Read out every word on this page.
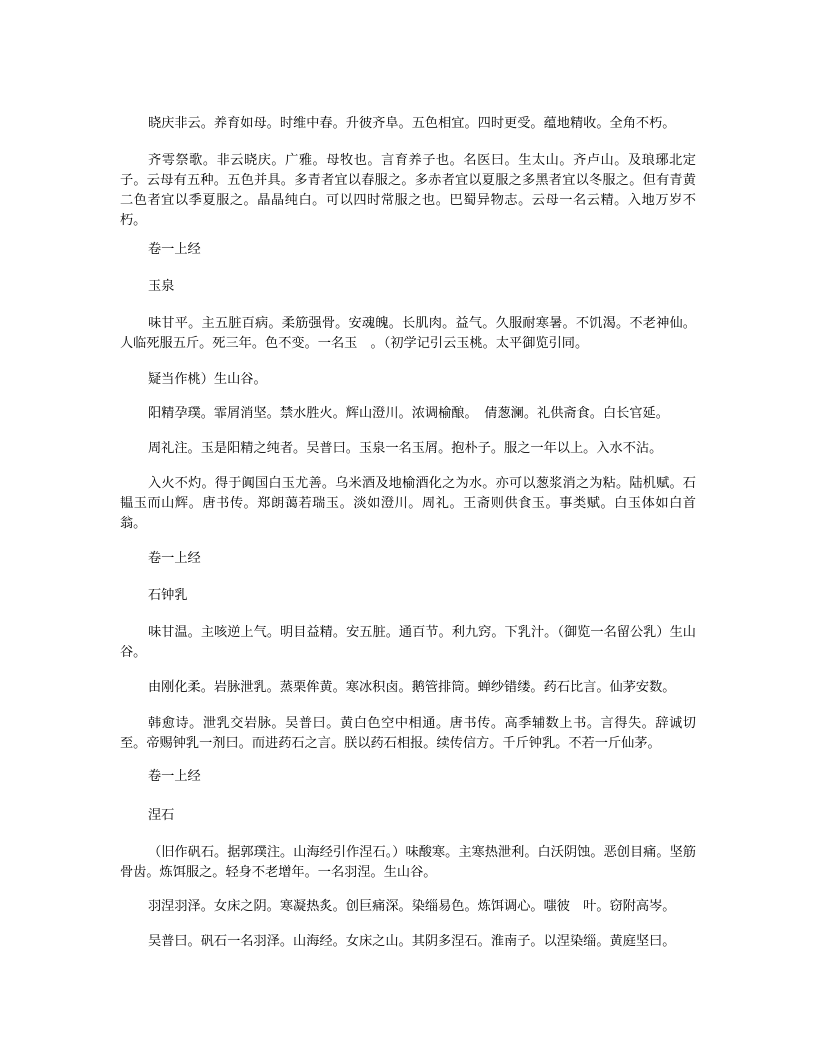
晓庆非云。养育如母。时维中春。升彼齐阜。五色相宜。四时更受。蕴地精收。全角不朽。

齐雩祭歌。非云晓庆。广雅。母牧也。言育养子也。名医曰。生太山。齐卢山。及琅琊北定子。云母有五种。五色并具。多青者宜以春服之。多赤者宜以夏服之多黑者宜以冬服之。但有青黄二色者宜以季夏服之。晶晶纯白。可以四时常服之也。巴蜀异物志。云母一名云精。入地万岁不朽。

卷一上经

玉泉

味甘平。主五脏百病。柔筋强骨。安魂魄。长肌肉。益气。久服耐寒暑。不饥渴。不老神仙。人临死服五斤。死三年。色不变。一名玉　。（初学记引云玉桃。太平御览引同。

疑当作桃）生山谷。

阳精孕璞。霏屑消坚。禁水胜火。辉山澄川。浓调榆酿。　倩葱澜。礼供斋食。白长官延。

周礼注。玉是阳精之纯者。吴普曰。玉泉一名玉屑。抱朴子。服之一年以上。入水不沾。

入火不灼。得于阗国白玉尤善。乌米酒及地榆酒化之为水。亦可以葱浆消之为粘。陆机赋。石韫玉而山辉。唐书传。郑朗蔼若瑞玉。淡如澄川。周礼。王斋则供食玉。事类赋。白玉体如白首翁。

卷一上经

石钟乳

味甘温。主咳逆上气。明目益精。安五脏。通百节。利九窍。下乳汁。（御览一名留公乳）生山谷。

由刚化柔。岩脉泄乳。蒸栗侔黄。寒冰积卤。鹅管排筒。蝉纱错缕。药石比言。仙茅安数。

韩愈诗。泄乳交岩脉。吴普曰。黄白色空中相通。唐书传。高季辅数上书。言得失。辞诚切至。帝赐钟乳一剂曰。而进药石之言。朕以药石相报。续传信方。千斤钟乳。不若一斤仙茅。

卷一上经

涅石

（旧作矾石。据郭璞注。山海经引作涅石。）味酸寒。主寒热泄利。白沃阴蚀。恶创目痛。坚筋骨齿。炼饵服之。轻身不老增年。一名羽涅。生山谷。

羽涅羽泽。女床之阴。寒凝热炙。创巨痛深。染缁易色。炼饵调心。嗤彼　叶。窃附高岑。

吴普曰。矾石一名羽泽。山海经。女床之山。其阴多涅石。淮南子。以涅染缁。黄庭坚曰。
